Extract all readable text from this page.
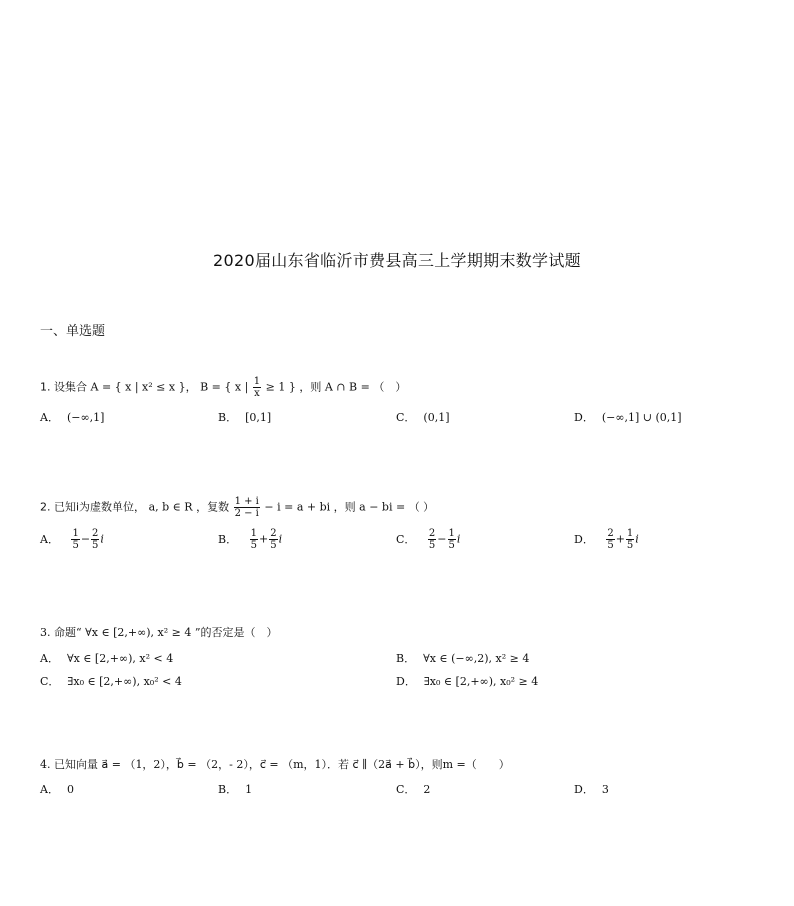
2020届山东省临沂市费县高三上学期期末数学试题
一、单选题
1. 设集合 A = { x | x² ≤ x }， B = { x | $\frac{1}{x} \ge 1$ } ，则 A ∩ B = （　）
A． (−∞,1]	B． [0,1]	C． (0,1]	D． (−∞,1] ∪ (0,1]
2. 已知i为虚数单位， a, b ∈ R ，复数 $\frac{1 + i}{2 - i} - i = a$ + bi ，则 a − bi = （ ）
A． $\frac{1}{5} - \frac{2}{5}$ i	B． $\frac{1}{5} + \frac{2}{5}$ i	C． $\frac{2}{5} - \frac{1}{5}$ i	D． $\frac{2}{5} + \frac{1}{5}$ i
3. 命题“ ∀x ∈ [2,+∞), x² ≥ 4 ”的否定是（　）
A． ∀x ∈ [2,+∞), x² < 4	B． ∀x ∈ (−∞,2), x² ≥ 4
C． ∃x₀ ∈ [2,+∞), x₀² < 4	D． ∃x₀ ∈ [2,+∞), x₀² ≥ 4
4. 已知向量 a⃗ = （1，2），b⃗ = （2，- 2），c⃗ = （m，1）．若 c⃗ ∥（2a⃗ + b⃗），则m =（　　）
A． 0	B． 1	C． 2	D． 3
